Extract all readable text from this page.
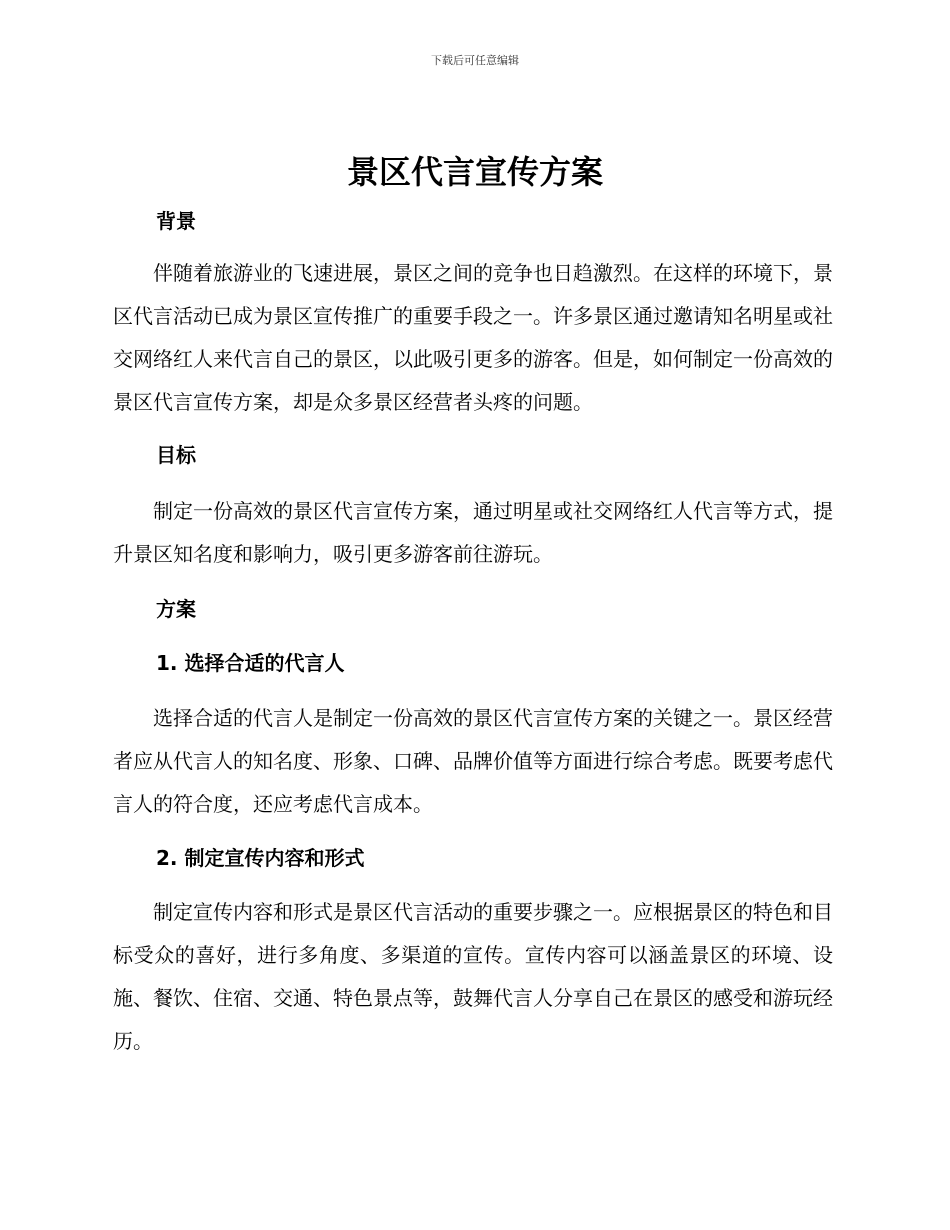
下载后可任意编辑
景区代言宣传方案
背景

伴随着旅游业的飞速进展，景区之间的竞争也日趋激烈。在这样的环境下，景区代言活动已成为景区宣传推广的重要手段之一。许多景区通过邀请知名明星或社交网络红人来代言自己的景区，以此吸引更多的游客。但是，如何制定一份高效的景区代言宣传方案，却是众多景区经营者头疼的问题。

目标

制定一份高效的景区代言宣传方案，通过明星或社交网络红人代言等方式，提升景区知名度和影响力，吸引更多游客前往游玩。

方案
1. 选择合适的代言人

选择合适的代言人是制定一份高效的景区代言宣传方案的关键之一。景区经营者应从代言人的知名度、形象、口碑、品牌价值等方面进行综合考虑。既要考虑代言人的符合度，还应考虑代言成本。

2. 制定宣传内容和形式

制定宣传内容和形式是景区代言活动的重要步骤之一。应根据景区的特色和目标受众的喜好，进行多角度、多渠道的宣传。宣传内容可以涵盖景区的环境、设施、餐饮、住宿、交通、特色景点等，鼓舞代言人分享自己在景区的感受和游玩经历。
